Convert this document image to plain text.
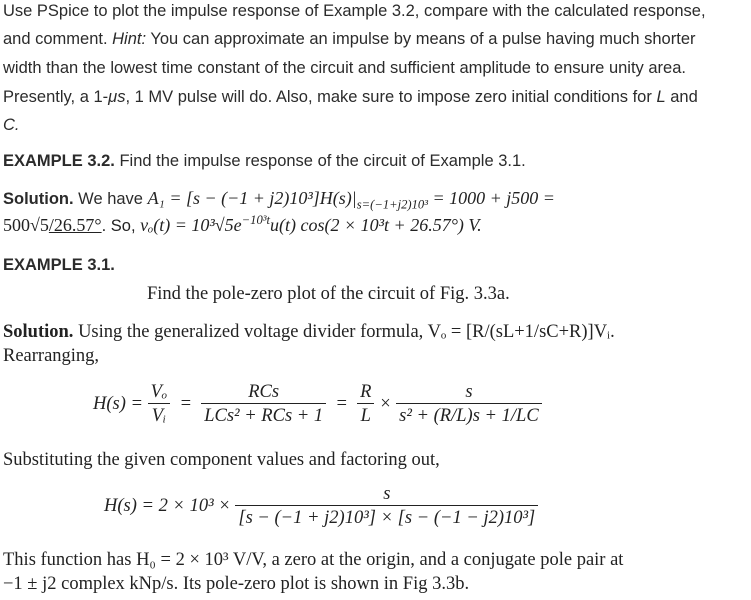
Use PSpice to plot the impulse response of Example 3.2, compare with the calculated response,
and comment. Hint: You can approximate an impulse by means of a pulse having much shorter
width than the lowest time constant of the circuit and sufficient amplitude to ensure unity area.
Presently, a 1-μs, 1 MV pulse will do. Also, make sure to impose zero initial conditions for L and
C.
EXAMPLE 3.2. Find the impulse response of the circuit of Example 3.1.
Solution. We have $A_1 = [s - (-1 + j2)10^3]H(s)|_{s=(-1+j2)10^3} = 1000 + j500$ =
500√5/26.57°. So, $v_o(t) = 10^3√5e^{-10^3t}u(t) \cos(2 \times 10^3t + 26.57^\circ)$ V.
EXAMPLE 3.1.
Find the pole-zero plot of the circuit of Fig. 3.3a.
Solution. Using the generalized voltage divider formula, Vₒ = [R/(sL+1/sC+R)]Vᵢ.
Rearranging,
$H(s) = \frac{\text{Vₒ}}{\text{Vᵢ}} = \frac{\text{RCs}}{\text{LCs² + RCs + 1}} = \frac{R}{L} \times \frac{s}{\text{s² + (R/L)s + 1/LC}}$
Substituting the given component values and factoring out,
$H(s) = 2 \times 10^3 \times \frac{s}{\text{[s − (−1 + j2)10³] × [s − (−1 − j2)10³]}}$
This function has H₀ = 2 × 10³ V/V, a zero at the origin, and a conjugate pole pair at
−1 ± j2 complex kNp/s. Its pole-zero plot is shown in Fig 3.3b.
